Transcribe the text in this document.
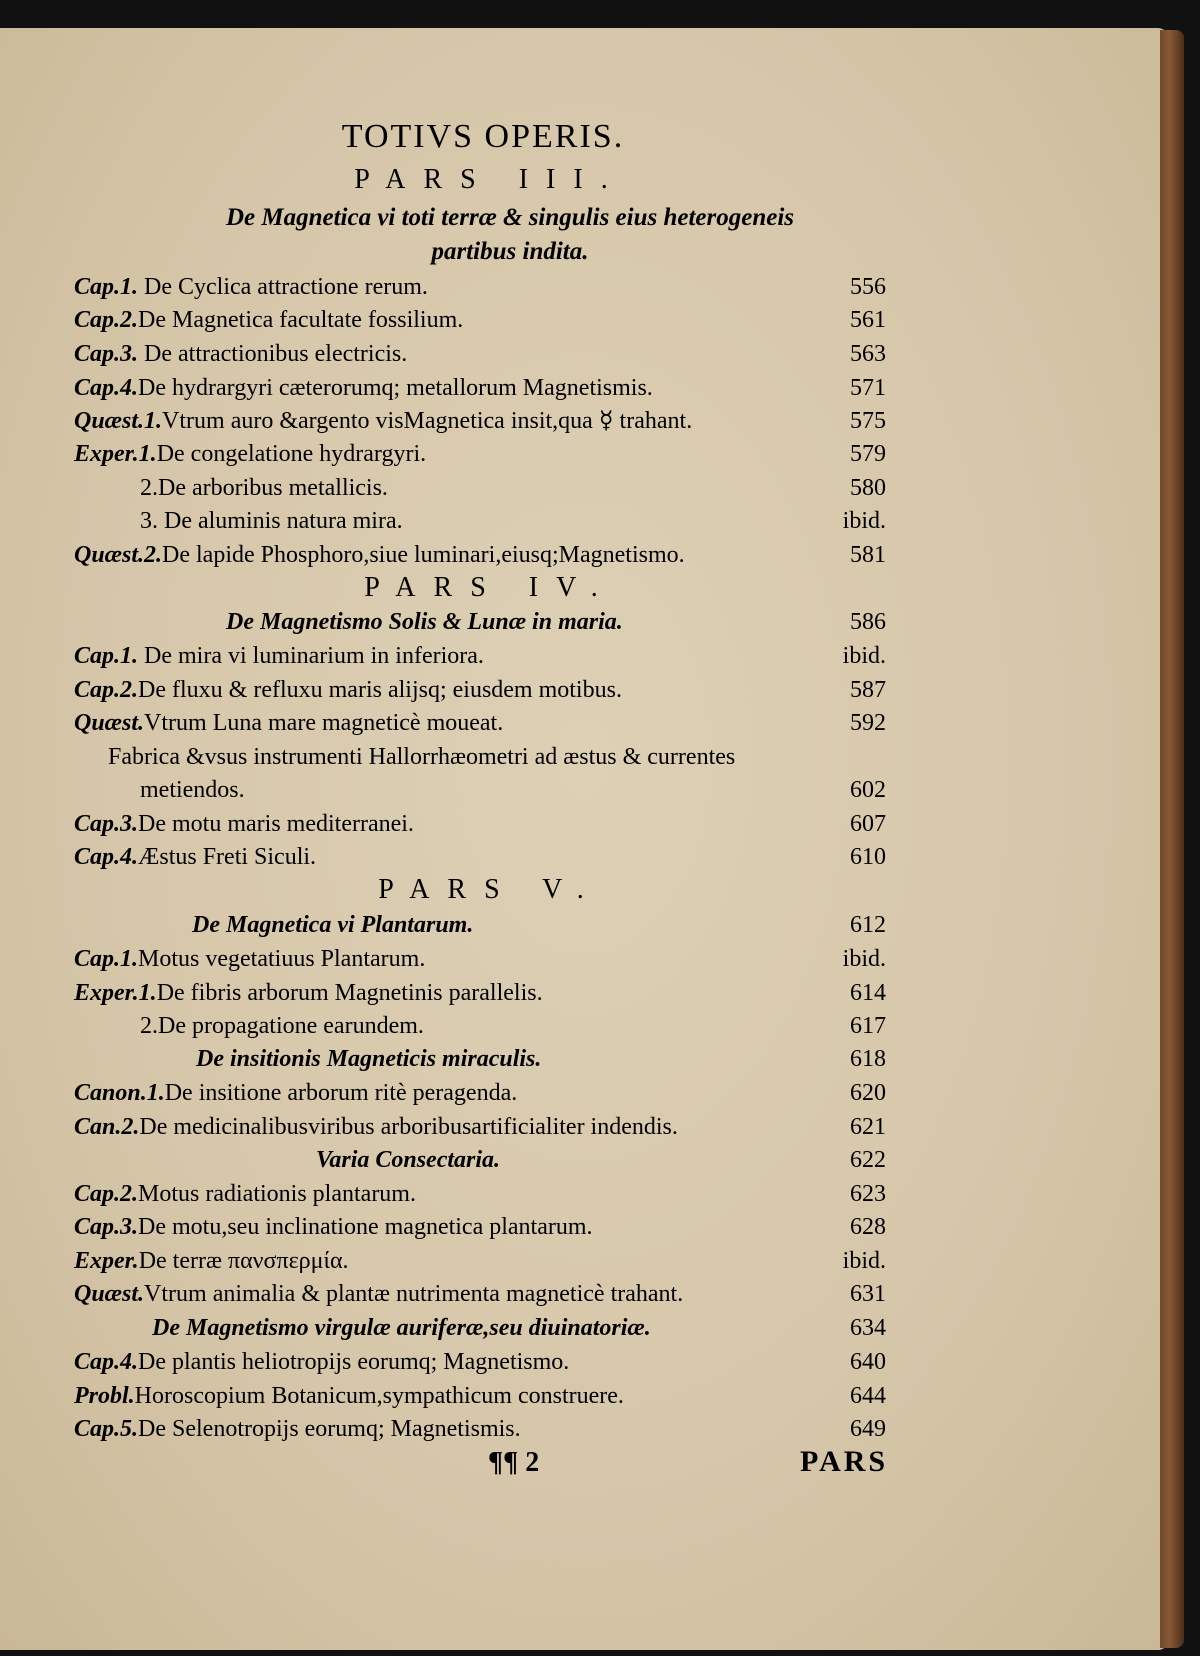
TOTIVS OPERIS.
PARS III.
De Magnetica vi toti terræ & singulis eius heterogeneis
partibus indita.
Cap.1. De Cyclica attractione rerum.	556
Cap.2.De Magnetica facultate fossilium.	561
Cap.3. De attractionibus electricis.	563
Cap.4.De hydrargyri cæterorumq; metallorum Magnetismis.	571
Quæst.1.Vtrum auro &argento visMagnetica insit,qua ☿ trahant.	575
Exper.1.De congelatione hydrargyri.	579
2.De arboribus metallicis.	580
3. De aluminis natura mira.	ibid.
Quæst.2.De lapide Phosphoro,siue luminari,eiusq;Magnetismo.	581
PARS IV.
De Magnetismo Solis & Lunæ in maria.	586
Cap.1. De mira vi luminarium in inferiora.	ibid.
Cap.2.De fluxu & refluxu maris alijsq; eiusdem motibus.	587
Quæst.Vtrum Luna mare magneticè moueat.	592
Fabrica &vsus instrumenti Hallorrhæometri ad æstus & currentes
metiendos.	602
Cap.3.De motu maris mediterranei.	607
Cap.4.Æstus Freti Siculi.	610
PARS V.
De Magnetica vi Plantarum.	612
Cap.1.Motus vegetatiuus Plantarum.	ibid.
Exper.1.De fibris arborum Magnetinis parallelis.	614
2.De propagatione earundem.	617
De insitionis Magneticis miraculis.	618
Canon.1.De insitione arborum ritè peragenda.	620
Can.2.De medicinalibusviribus arboribusartificialiter indendis.	621
Varia Consectaria.	622
Cap.2.Motus radiationis plantarum.	623
Cap.3.De motu,seu inclinatione magnetica plantarum.	628
Exper.De terræ πανσπερμία.	ibid.
Quæst.Vtrum animalia & plantæ nutrimenta magneticè trahant.	631
De Magnetismo virgulæ auriferæ,seu diuinatoriæ.	634
Cap.4.De plantis heliotropijs eorumq; Magnetismo.	640
Probl.Horoscopium Botanicum,sympathicum construere.	644
Cap.5.De Selenotropijs eorumq; Magnetismis.	649
¶¶ 2	PARS
